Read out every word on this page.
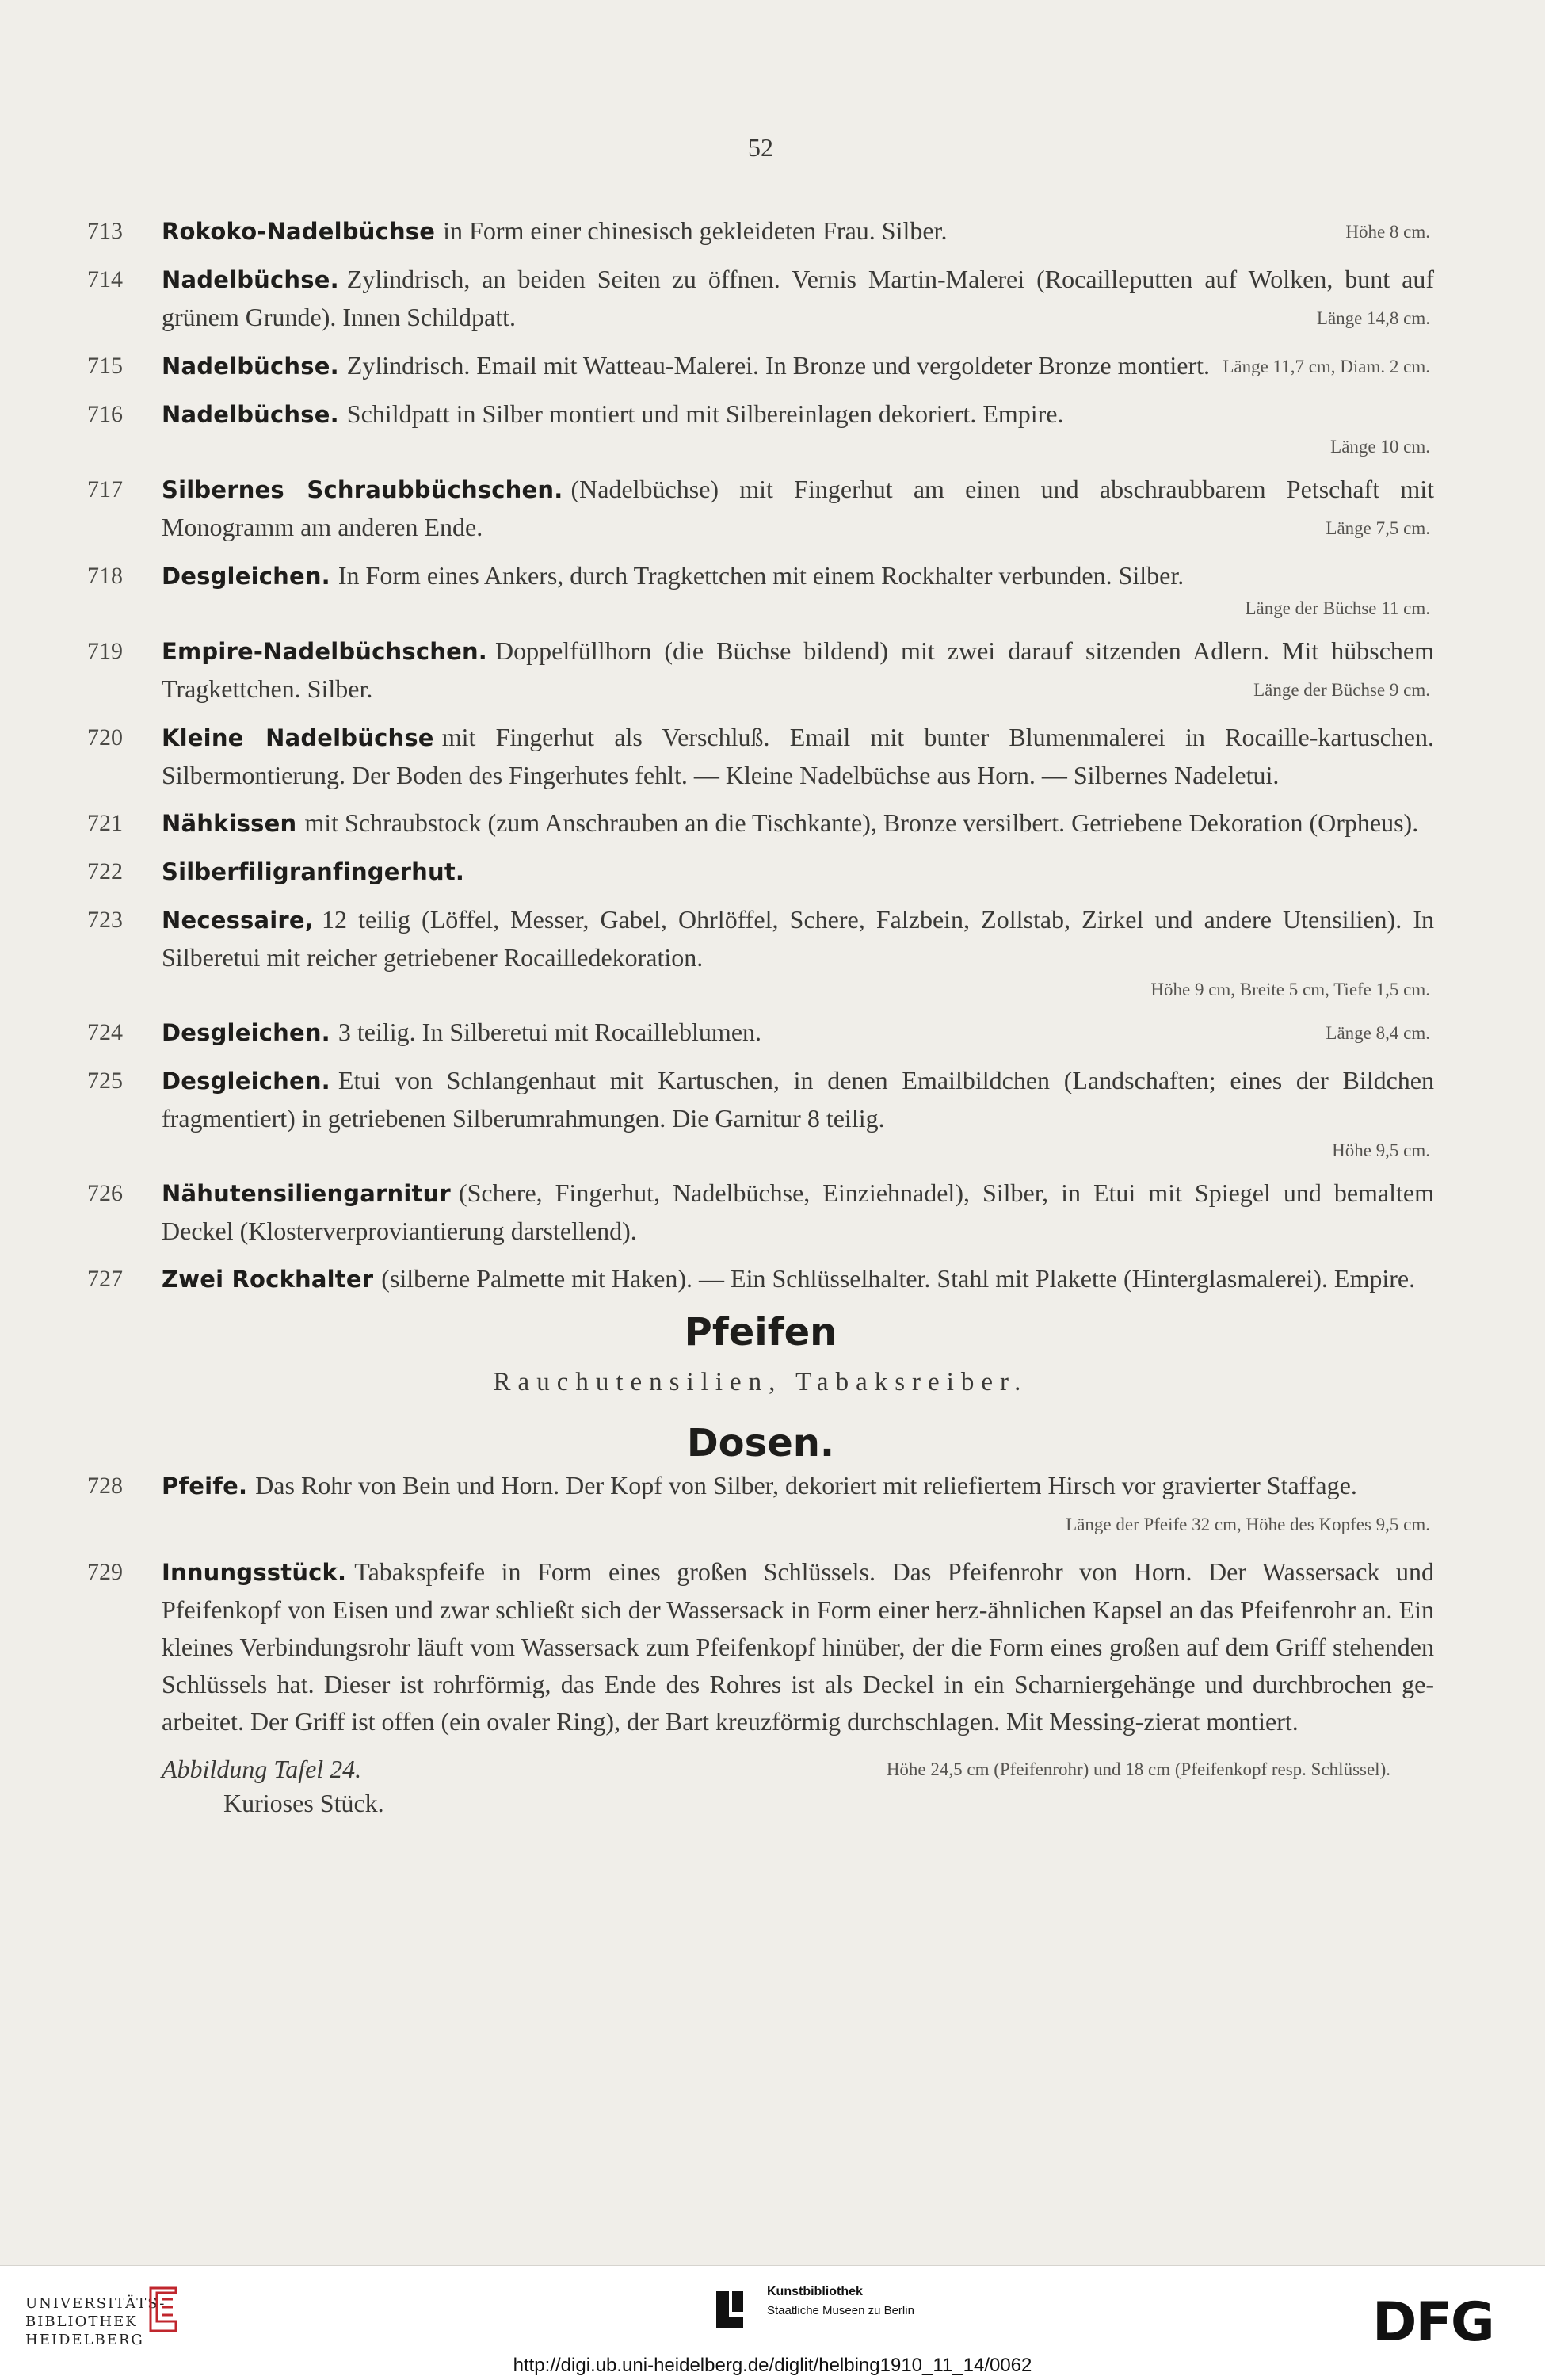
52
713	Rokoko-Nadelbüchse in Form einer chinesisch gekleideten Frau. Silber.	Höhe 8 cm.
714	Nadelbüchse. Zylindrisch, an beiden Seiten zu öffnen. Vernis Martin-Malerei (Rocailleputten auf Wolken, bunt auf grünem Grunde). Innen Schildpatt.	Länge 14,8 cm.
715	Nadelbüchse. Zylindrisch. Email mit Watteau-Malerei. In Bronze und vergoldeter Bronze montiert. Länge 11,7 cm, Diam. 2 cm.
716	Nadelbüchse. Schildpatt in Silber montiert und mit Silbereinlagen dekoriert. Empire.
Länge 10 cm.
717	Silbernes Schraubbüchschen. (Nadelbüchse) mit Fingerhut am einen und abschraubbarem Petschaft mit Monogramm am anderen Ende.	Länge 7,5 cm.
718	Desgleichen. In Form eines Ankers, durch Tragkettchen mit einem Rockhalter verbunden. Silber.
Länge der Büchse 11 cm.
719	Empire-Nadelbüchschen. Doppelfüllhorn (die Büchse bildend) mit zwei darauf sitzenden Adlern. Mit hübschem Tragkettchen. Silber.	Länge der Büchse 9 cm.
720	Kleine Nadelbüchse mit Fingerhut als Verschluß. Email mit bunter Blumenmalerei in Rocaille-kartuschen. Silbermontierung. Der Boden des Fingerhutes fehlt. — Kleine Nadelbüchse aus Horn. — Silbernes Nadeletui.
721	Nähkissen mit Schraubstock (zum Anschrauben an die Tischkante), Bronze versilbert. Getriebene Dekoration (Orpheus).
722	Silberfiligranfingerhut.
723	Necessaire, 12 teilig (Löffel, Messer, Gabel, Ohrlöffel, Schere, Falzbein, Zollstab, Zirkel und andere Utensilien). In Silberetui mit reicher getriebener Rocailledekoration.
Höhe 9 cm, Breite 5 cm, Tiefe 1,5 cm.
724	Desgleichen. 3 teilig. In Silberetui mit Rocailleblumen.	Länge 8,4 cm.
725	Desgleichen. Etui von Schlangenhaut mit Kartuschen, in denen Emailbildchen (Landschaften; eines der Bildchen fragmentiert) in getriebenen Silberumrahmungen. Die Garnitur 8 teilig.
Höhe 9,5 cm.
726	Nähutensiliengarnitur (Schere, Fingerhut, Nadelbüchse, Einziehnadel), Silber, in Etui mit Spiegel und bemaltem Deckel (Klosterverproviantierung darstellend).
727	Zwei Rockhalter (silberne Palmette mit Haken). — Ein Schlüsselhalter. Stahl mit Plakette (Hinterglasmalerei). Empire.
Pfeifen
Rauchutensilien, Tabaksreiber.
Dosen.
728	Pfeife. Das Rohr von Bein und Horn. Der Kopf von Silber, dekoriert mit reliefiertem Hirsch vor gravierter Staffage.
Länge der Pfeife 32 cm, Höhe des Kopfes 9,5 cm.
729	Innungsstück. Tabakspfeife in Form eines großen Schlüssels. Das Pfeifenrohr von Horn. Der Wassersack und Pfeifenkopf von Eisen und zwar schließt sich der Wassersack in Form einer herz-ähnlichen Kapsel an das Pfeifenrohr an. Ein kleines Verbindungsrohr läuft vom Wassersack zum Pfeifenkopf hinüber, der die Form eines großen auf dem Griff stehenden Schlüssels hat. Dieser ist rohrförmig, das Ende des Rohres ist als Deckel in ein Scharniergehänge und durchbrochen ge-arbeitet. Der Griff ist offen (ein ovaler Ring), der Bart kreuzförmig durchschlagen. Mit Messing-zierat montiert.
Abbildung Tafel 24.	Höhe 24,5 cm (Pfeifenrohr) und 18 cm (Pfeifenkopf resp. Schlüssel).
Kurioses Stück.
UNIVERSITÄTS-
BIBLIOTHEK
HEIDELBERG
Kunstbibliothek
Staatliche Museen zu Berlin	DFG
http://digi.ub.uni-heidelberg.de/diglit/helbing1910_11_14/0062
